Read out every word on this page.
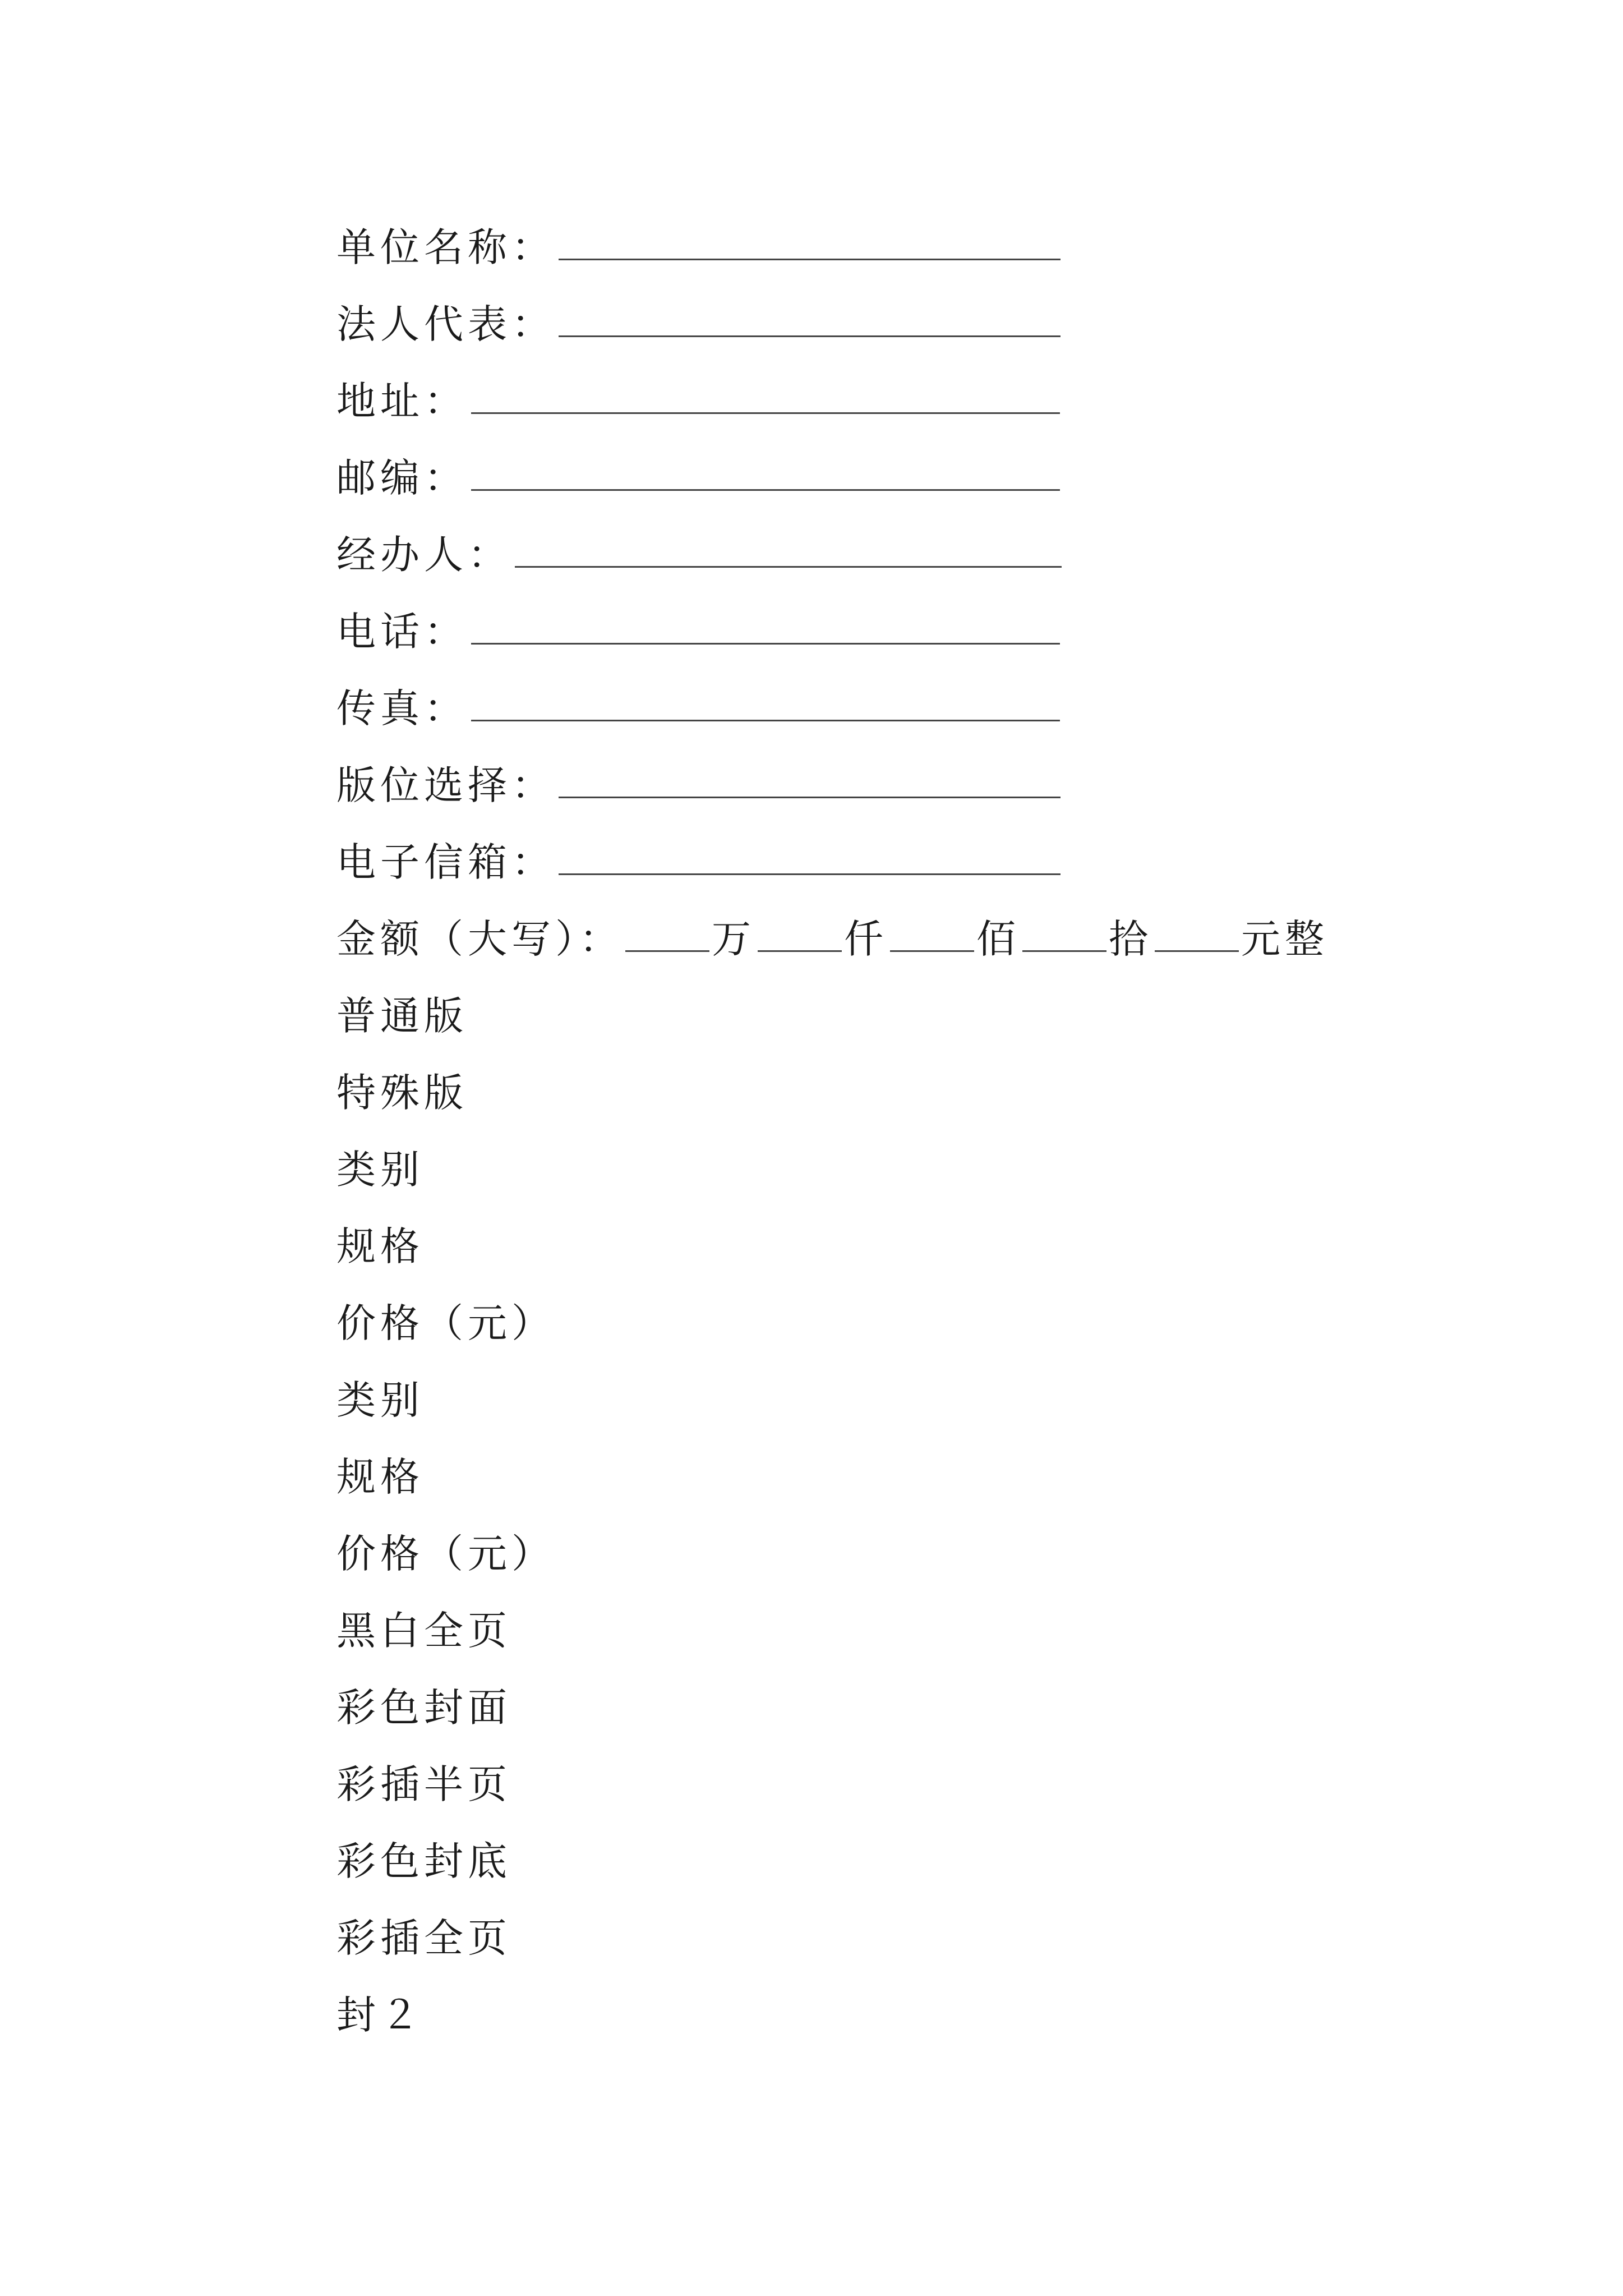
单位名称：
法人代表：
地址：
邮编：
经办人：
电话：
传真：
版位选择：
电子信箱：
金额（大写）： 万 仟 佰 拾 元整
普通版
特殊版
类别
规格
价格（元）
类别
规格
价格（元）
黑白全页
彩色封面
彩插半页
彩色封底
彩插全页
封２
